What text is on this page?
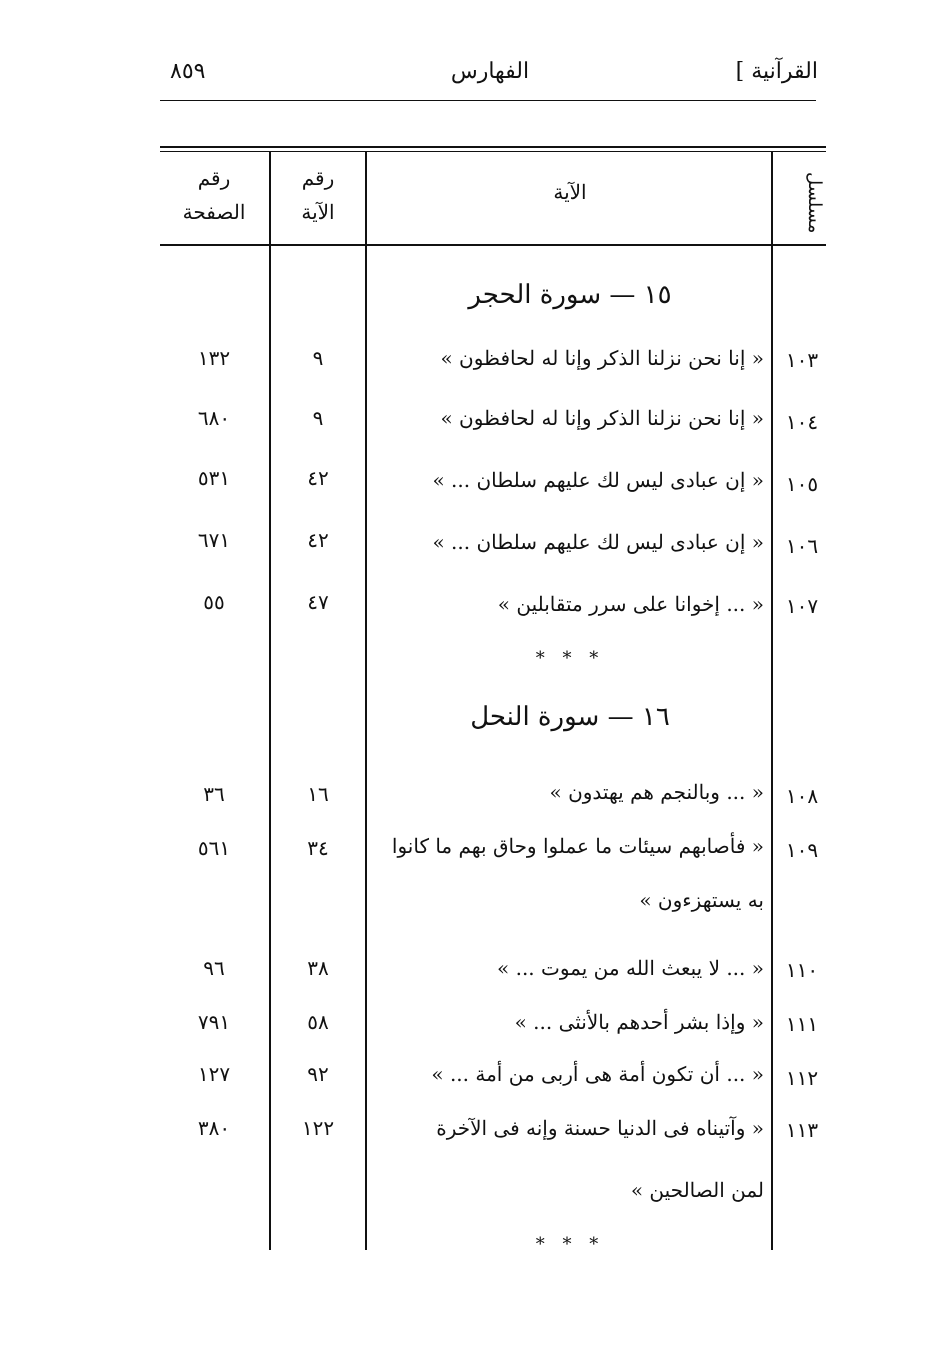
٨٥٩	الفهارس	القرآنية ]
مسلسل
الآية
رقم
الآية
رقم
الصفحة
١٥ — سورة الحجر
١٠٣
« إنا نحن نزلنا الذكر وإنا له لحافظون »
٩
١٣٢
١٠٤
« إنا نحن نزلنا الذكر وإنا له لحافظون »
٩
٦٨٠
١٠٥
« إن عبادى ليس لك عليهم سلطان ... »
٤٢
٥٣١
١٠٦
« إن عبادى ليس لك عليهم سلطان ... »
٤٢
٦٧١
١٠٧
« ... إخوانا على سرر متقابلين »
٤٧
٥٥
* * *
١٦ — سورة النحل
١٠٨
« ... وبالنجم هم يهتدون »
١٦
٣٦
١٠٩
« فأصابهم سيئات ما عملوا وحاق بهم ما كانوا
به يستهزءون »
٣٤
٥٦١
١١٠
« ... لا يبعث الله من يموت ... »
٣٨
٩٦
١١١
« وإذا بشر أحدهم بالأنثى ... »
٥٨
٧٩١
١١٢
« ... أن تكون أمة هى أربى من أمة ... »
٩٢
١٢٧
١١٣
« وآتيناه فى الدنيا حسنة وإنه فى الآخرة
لمن الصالحين »
١٢٢
٣٨٠
* * *
